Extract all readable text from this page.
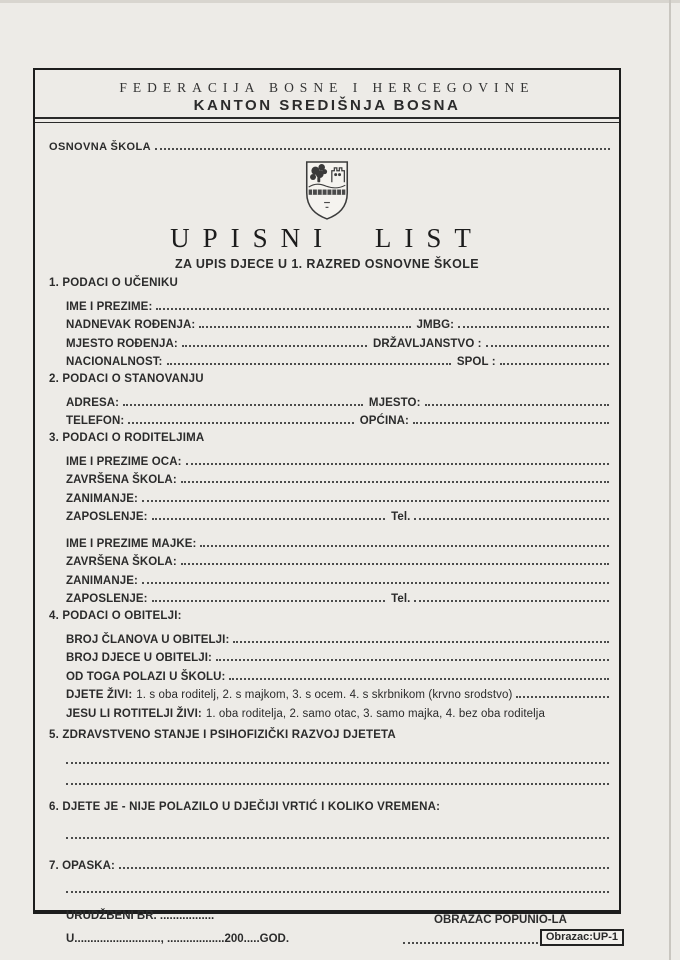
FEDERACIJA BOSNE I HERCEGOVINE
KANTON SREDIŠNJA BOSNA
OSNOVNA ŠKOLA
UPISNI LIST
ZA UPIS DJECE U 1. RAZRED OSNOVNE ŠKOLE
1. PODACI O UČENIKU
IME I PREZIME:
NADNEVAK ROĐENJA:	JMBG:
MJESTO ROĐENJA:	DRŽAVLJANSTVO :
NACIONALNOST:	SPOL :
2. PODACI O STANOVANJU
ADRESA:	MJESTO:
TELEFON:	OPĆINA:
3. PODACI O RODITELJIMA
IME I PREZIME OCA:
ZAVRŠENA ŠKOLA:
ZANIMANJE:
ZAPOSLENJE:	Tel.
IME I PREZIME MAJKE:
ZAVRŠENA ŠKOLA:
ZANIMANJE:
ZAPOSLENJE:	Tel.
4. PODACI O OBITELJI:
BROJ ČLANOVA U OBITELJI:
BROJ DJECE U OBITELJI:
OD TOGA POLAZI U ŠKOLU:
DJETE ŽIVI: 1. s oba roditelj, 2. s majkom, 3. s ocem. 4. s skrbnikom (krvno srodstvo)
JESU LI ROTITELJI ŽIVI: 1. oba roditelja, 2. samo otac, 3. samo majka, 4. bez oba roditelja
5. ZDRAVSTVENO STANJE I PSIHOFIZIČKI RAZVOJ DJETETA
6. DJETE JE - NIJE POLAZILO U DJEČIJI VRTIĆ I KOLIKO VREMENA:
7. OPASKA:
URUDŽBENI BR. .................
U..........................., ..................200.....GOD.
OBRAZAC POPUNIO-LA
Obrazac:UP-1
